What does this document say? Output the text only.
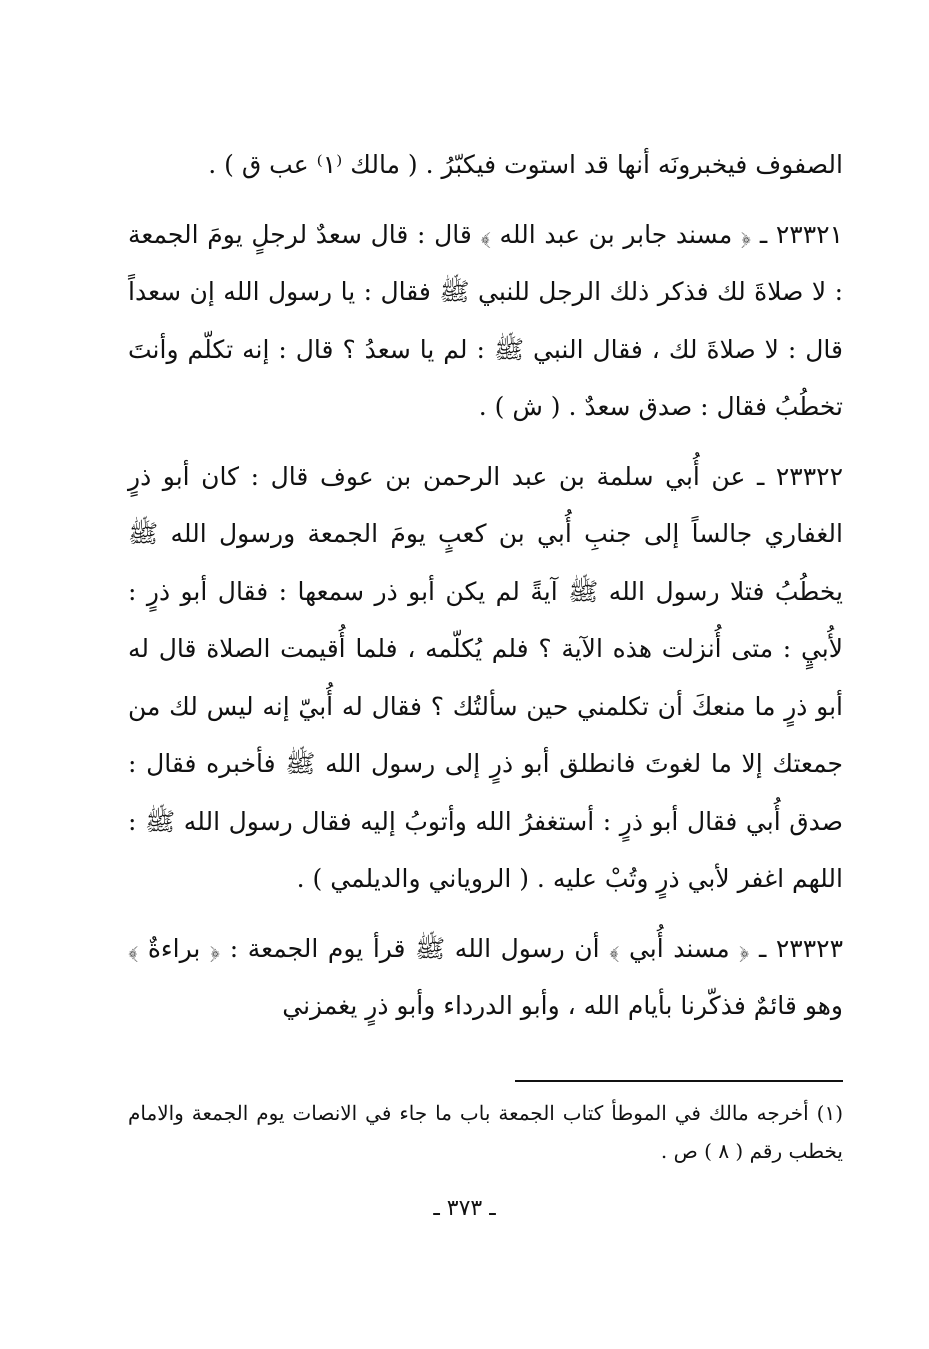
الصفوف فيخبرونَه أنها قد استوت فيكبّرُ . ( مالك ⁽١⁾ عب ق ) .

٢٣٣٢١ ـ ﴿ مسند جابر بن عبد الله ﴾ قال : قال سعدٌ لرجلٍ يومَ الجمعة : لا صلاةَ لك فذكر ذلك الرجل للنبي ﷺ فقال : يا رسول الله إن سعداً قال : لا صلاةَ لك ، فقال النبي ﷺ : لم يا سعدُ ؟ قال : إنه تكلّم وأنتَ تخطُبُ فقال : صدق سعدٌ . ( ش ) .

٢٣٣٢٢ ـ عن أُبي سلمة بن عبد الرحمن بن عوف قال : كان أبو ذرٍ الغفاري جالساً إلى جنبِ أُبي بن كعبٍ يومَ الجمعة ورسول الله ﷺ يخطُبُ فتلا رسول الله ﷺ آيةً لم يكن أبو ذر سمعها : فقال أبو ذرٍ : لأُبيٍ : متى أُنزلت هذه الآية ؟ فلم يُكلّمه ، فلما أُقيمت الصلاة قال له أبو ذرٍ ما منعكَ أن تكلمني حين سألتُك ؟ فقال له أُبيّ إنه ليس لك من جمعتك إلا ما لغوتَ فانطلق أبو ذرٍ إلى رسول الله ﷺ فأخبره فقال : صدق أُبي فقال أبو ذرٍ : أستغفرُ الله وأتوبُ إليه فقال رسول الله ﷺ : اللهم اغفر لأبي ذرٍ وتُبْ عليه . ( الروياني والديلمي ) .

٢٣٣٢٣ ـ ﴿ مسند أُبي ﴾ أن رسول الله ﷺ قرأ يوم الجمعة : ﴿ براءةٌ ﴾ وهو قائمٌ فذكّرنا بأيام الله ، وأبو الدرداء وأبو ذرٍ يغمزني

(١) أخرجه مالك في الموطأ كتاب الجمعة باب ما جاء في الانصات يوم الجمعة والامام يخطب رقم ( ٨ ) ص .

ـ ٣٧٣ ـ
